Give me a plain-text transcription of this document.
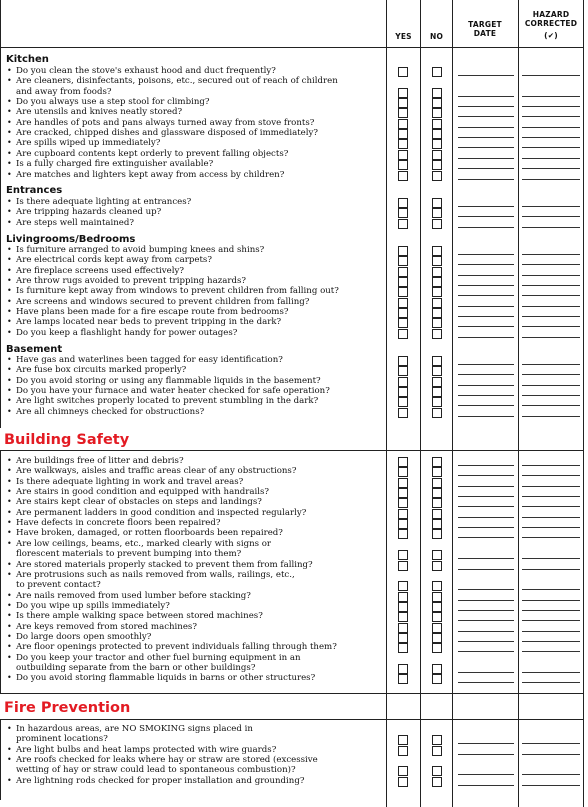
YES	NO
TARGET DATE
HAZARD CORRECTED
(✔)
Kitchen
• Do you clean the stove's exhaust hood and duct frequently?
• Are cleaners, disinfectants, poisons, etc., secured out of reach of children
and away from foods?
• Do you always use a step stool for climbing?
• Are utensils and knives neatly stored?
• Are handles of pots and pans always turned away from stove fronts?
• Are cracked, chipped dishes and glassware disposed of immediately?
• Are spills wiped up immediately?
• Are cupboard contents kept orderly to prevent falling objects?
• Is a fully charged fire extinguisher available?
• Are matches and lighters kept away from access by children?
Entrances
• Is there adequate lighting at entrances?
• Are tripping hazards cleaned up?
• Are steps well maintained?
Livingrooms/Bedrooms
• Is furniture arranged to avoid bumping knees and shins?
• Are electrical cords kept away from carpets?
• Are fireplace screens used effectively?
• Are throw rugs avoided to prevent tripping hazards?
• Is furniture kept away from windows to prevent children from falling out?
• Are screens and windows secured to prevent children from falling?
• Have plans been made for a fire escape route from bedrooms?
• Are lamps located near beds to prevent tripping in the dark?
• Do you keep a flashlight handy for power outages?
Basement
• Have gas and waterlines been tagged for easy identification?
• Are fuse box circuits marked properly?
• Do you avoid storing or using any flammable liquids in the basement?
• Do you have your furnace and water heater checked for safe operation?
• Are light switches properly located to prevent stumbling in the dark?
• Are all chimneys checked for obstructions?
Building Safety
• Are buildings free of litter and debris?
• Are walkways, aisles and traffic areas clear of any obstructions?
• Is there adequate lighting in work and travel areas?
• Are stairs in good condition and equipped with handrails?
• Are stairs kept clear of obstacles on steps and landings?
• Are permanent ladders in good condition and inspected regularly?
• Have defects in concrete floors been repaired?
• Have broken, damaged, or rotten floorboards been repaired?
• Are low ceilings, beams, etc., marked clearly with signs or
florescent materials to prevent bumping into them?
• Are stored materials properly stacked to prevent them from falling?
• Are protrusions such as nails removed from walls, railings, etc.,
to prevent contact?
• Are nails removed from used lumber before stacking?
• Do you wipe up spills immediately?
• Is there ample walking space between stored machines?
• Are keys removed from stored machines?
• Do large doors open smoothly?
• Are floor openings protected to prevent individuals falling through them?
• Do you keep your tractor and other fuel burning equipment in an
outbuilding separate from the barn or other buildings?
• Do you avoid storing flammable liquids in barns or other structures?
Fire Prevention
• In hazardous areas, are NO SMOKING signs placed in
prominent locations?
• Are light bulbs and heat lamps protected with wire guards?
• Are roofs checked for leaks where hay or straw are stored (excessive
wetting of hay or straw could lead to spontaneous combustion)?
• Are lightning rods checked for proper installation and grounding?
